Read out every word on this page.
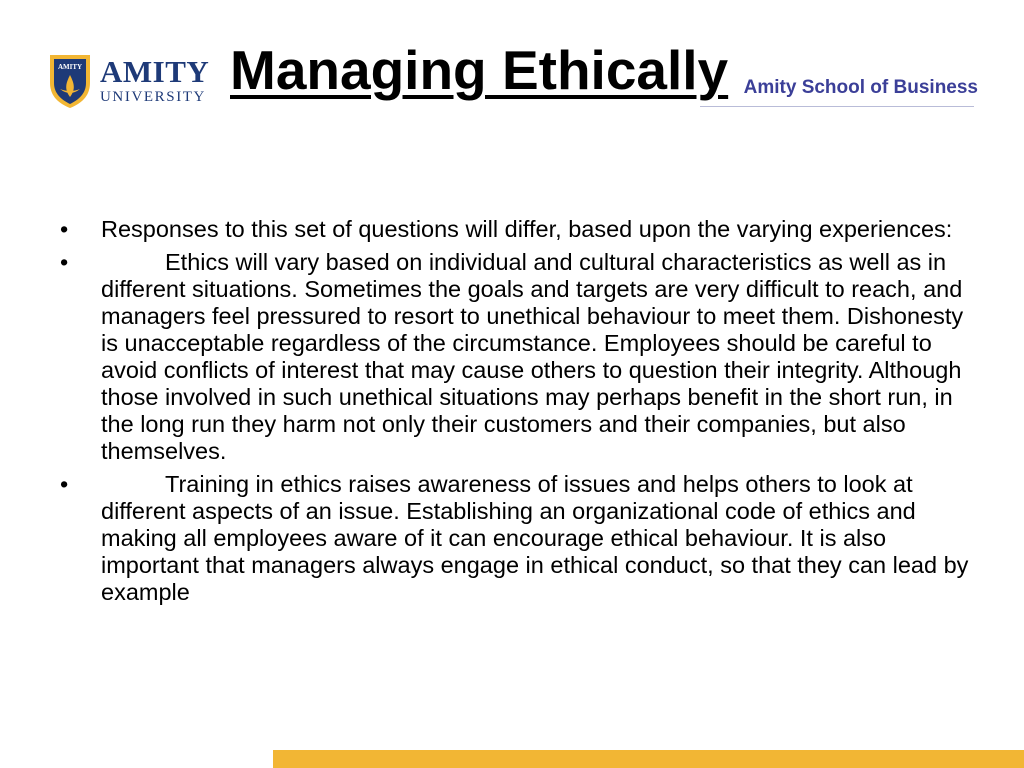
AMITY AMITY
UNIVERSITY	Amity School of Business
Managing Ethically
•	Responses to this set of questions will differ, based upon the varying experiences:
•	Ethics will vary based on individual and cultural characteristics as well as in different situations. Sometimes the goals and targets are very difficult to reach, and managers feel pressured to resort to unethical behaviour to meet them. Dishonesty is unacceptable regardless of the circumstance. Employees should be careful to avoid conflicts of interest that may cause others to question their integrity. Although those involved in such unethical situations may perhaps benefit in the short run, in the long run they harm not only their customers and their companies, but also themselves.
•	Training in ethics raises awareness of issues and helps others to look at different aspects of an issue. Establishing an organizational code of ethics and making all employees aware of it can encourage ethical behaviour. It is also important that managers always engage in ethical conduct, so that they can lead by example
